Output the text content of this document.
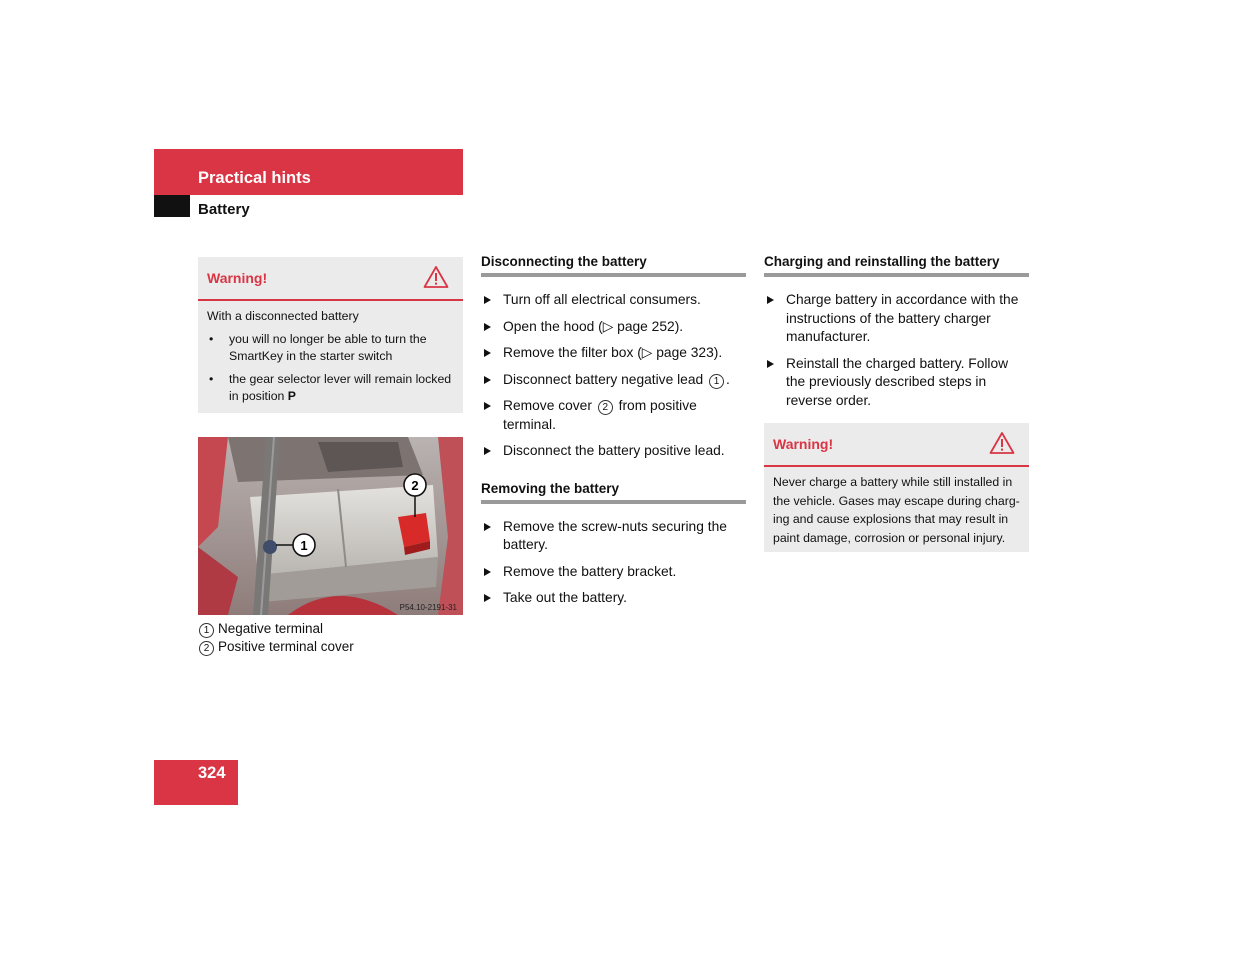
Practical hints
Battery
Warning!
With a disconnected battery
• you will no longer be able to turn the SmartKey in the starter switch
• the gear selector lever will remain locked in position P
1
2
P54.10-2191-31
1 Negative terminal
2 Positive terminal cover
Disconnecting the battery
Turn off all electrical consumers.
Open the hood (▷ page 252).
Remove the filter box (▷ page 323).
Disconnect battery negative lead 1 .
Remove cover 2 from positive terminal.
Disconnect the battery positive lead.
Removing the battery
Remove the screw-nuts securing the battery.
Remove the battery bracket.
Take out the battery.
Charging and reinstalling the battery
Charge battery in accordance with the instructions of the battery charger manufacturer.
Reinstall the charged battery. Follow the previously described steps in reverse order.
Warning!
Never charge a battery while still installed in the vehicle. Gases may escape during charg-ing and cause explosions that may result in paint damage, corrosion or personal injury.
324
